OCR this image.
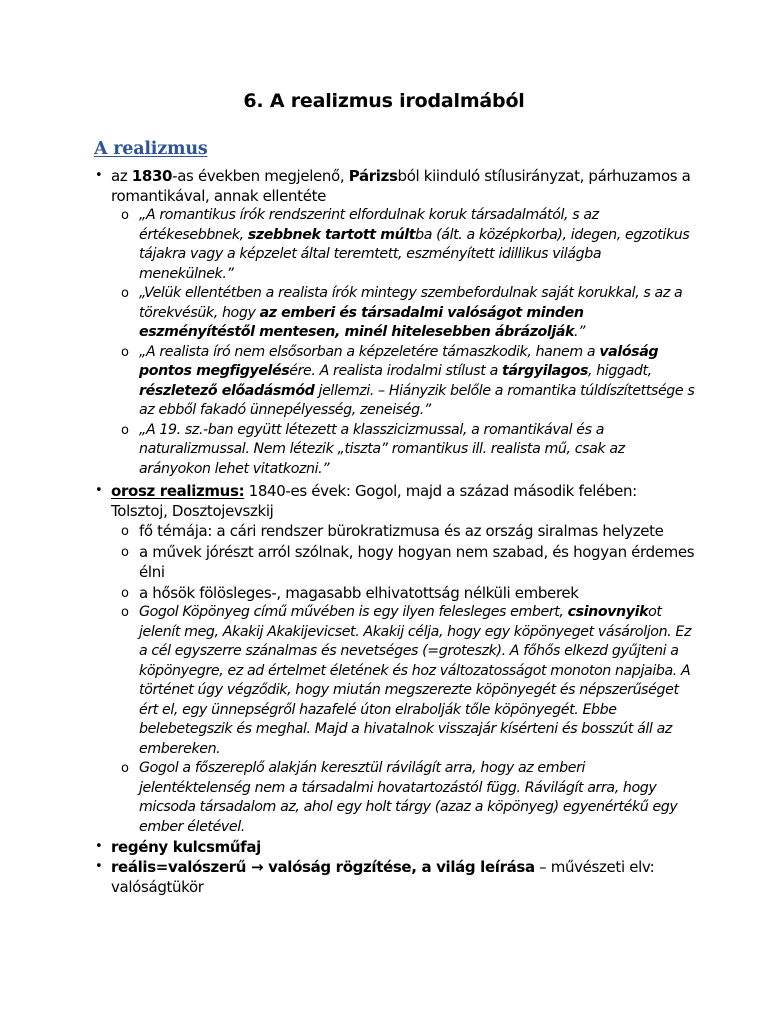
6. A realizmus irodalmából
A realizmus
• az 1830-as években megjelenő, Párizsból kiinduló stílusirányzat, párhuzamos a romantikával, annak ellentéte
o „A romantikus írók rendszerint elfordulnak koruk társadalmától, s az értékesebbnek, szebbnek tartott múltba (ált. a középkorba), idegen, egzotikus tájakra vagy a képzelet által teremtett, eszményített idillikus világba menekülnek.”
o „Velük ellentétben a realista írók mintegy szembefordulnak saját korukkal, s az a törekvésük, hogy az emberi és társadalmi valóságot minden eszményítéstől mentesen, minél hitelesebben ábrázolják.”
o „A realista író nem elsősorban a képzeletére támaszkodik, hanem a valóság pontos megfigyelésére. A realista irodalmi stílust a tárgyilagos, higgadt, részletező előadásmód jellemzi. – Hiányzik belőle a romantika túldíszítettsége s az ebből fakadó ünnepélyesség, zeneiség.”
o „A 19. sz.-ban együtt létezett a klasszicizmussal, a romantikával és a naturalizmussal. Nem létezik „tiszta” romantikus ill. realista mű, csak az arányokon lehet vitatkozni.”
• orosz realizmus: 1840-es évek: Gogol, majd a század második felében: Tolsztoj, Dosztojevszkij
o fő témája: a cári rendszer bürokratizmusa és az ország siralmas helyzete
o a művek jórészt arról szólnak, hogy hogyan nem szabad, és hogyan érdemes élni
o a hősök fölösleges-, magasabb elhivatottság nélküli emberek
o Gogol Köpönyeg című művében is egy ilyen felesleges embert, csinovnyikot jelenít meg, Akakij Akakijevicset. Akakij célja, hogy egy köpönyeget vásároljon. Ez a cél egyszerre szánalmas és nevetséges (=groteszk). A főhős elkezd gyűjteni a köpönyegre, ez ad értelmet életének és hoz változatosságot monoton napjaiba. A történet úgy végződik, hogy miután megszerezte köpönyegét és népszerűséget ért el, egy ünnepségről hazafelé úton elrabolják tőle köpönyegét. Ebbe belebetegszik és meghal. Majd a hivatalnok visszajár kísérteni és bosszút áll az embereken.
o Gogol a főszereplő alakján keresztül rávilágít arra, hogy az emberi jelentéktelenség nem a társadalmi hovatartozástól függ. Rávilágít arra, hogy micsoda társadalom az, ahol egy holt tárgy (azaz a köpönyeg) egyenértékű egy ember életével.
• regény kulcsműfaj
• reális=valószerű → valóság rögzítése, a világ leírása – művészeti elv: valóságtükör
